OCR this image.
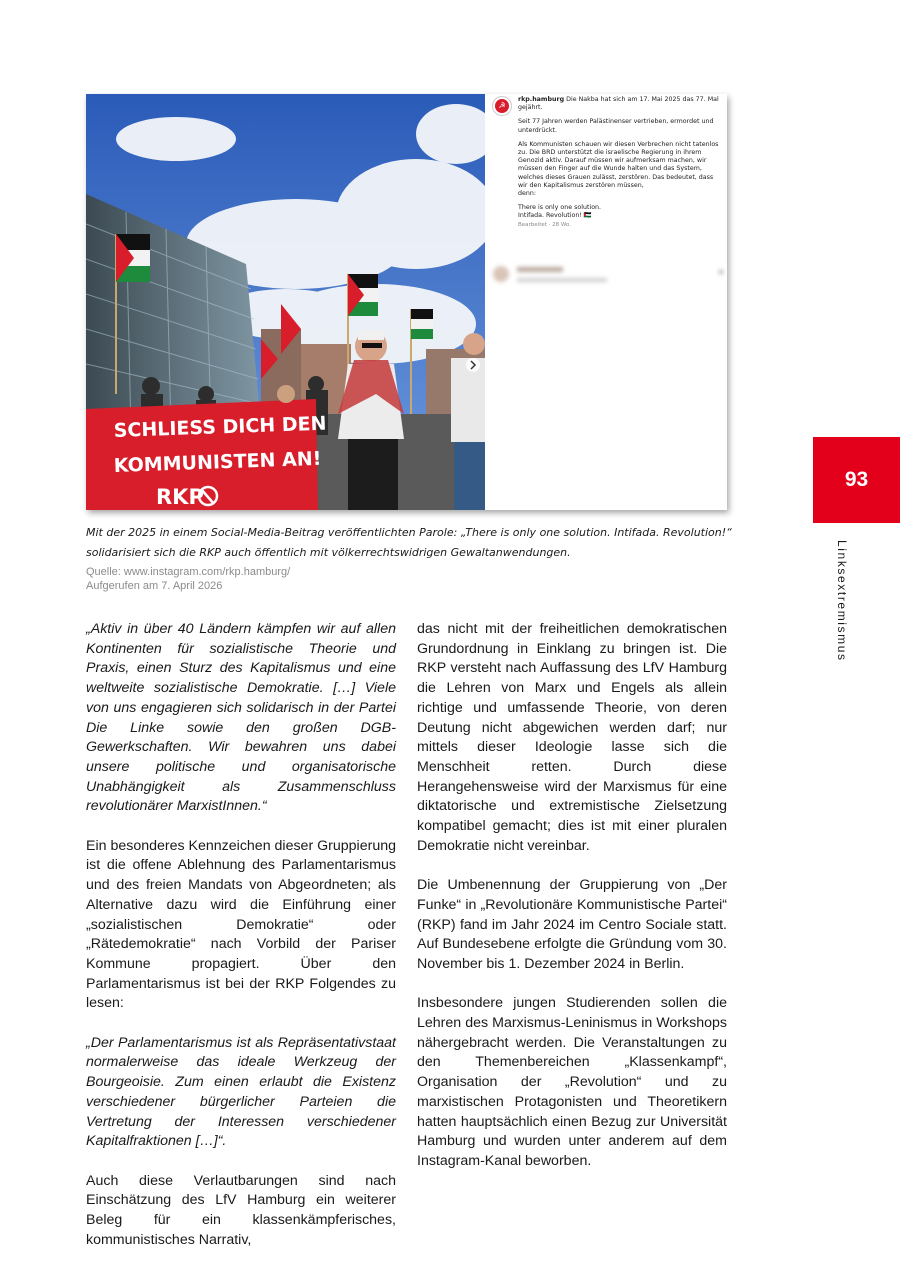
SCHLIESS DICH DEN
KOMMUNISTEN AN!
RKP
☭

rkp.hamburg Die Nakba hat sich am 17. Mai 2025 das 77. Mal gejährt.

Seit 77 Jahren werden Palästinenser vertrieben, ermordet und unterdrückt.

Als Kommunisten schauen wir diesen Verbrechen nicht tatenlos zu. Die BRD unterstützt die israelische Regierung in ihrem Genozid aktiv. Darauf müssen wir aufmerksam machen, wir müssen den Finger auf die Wunde halten und das System, welches dieses Grauen zulässt, zerstören. Das bedeutet, dass wir den Kapitalismus zerstören müssen,
denn:

There is only one solution.
Intifada. Revolution! 🇵🇸

Bearbeitet · 28 Wo.
Mit der 2025 in einem Social-Media-Beitrag veröffentlichten Parole: „There is only one solution. Intifada. Revolution!“ solidarisiert sich die RKP auch öffentlich mit völkerrechtswidrigen Gewaltanwendungen.
Quelle: www.instagram.com/rkp.hamburg/
Aufgerufen am 7. April 2026

„Aktiv in über 40 Ländern kämpfen wir auf allen Kontinenten für sozialistische Theorie und Praxis, einen Sturz des Kapitalismus und eine weltweite sozialistische Demokratie. […] Viele von uns engagieren sich solidarisch in der Partei Die Linke sowie den großen DGB-Gewerkschaften. Wir bewahren uns dabei unsere politische und organisatorische Unabhängigkeit als Zusammenschluss revolutionärer MarxistInnen.“

Ein besonderes Kennzeichen dieser Gruppierung ist die offene Ablehnung des Parlamentarismus und des freien Mandats von Abgeordneten; als Alternative dazu wird die Einführung einer „sozialistischen Demokratie“ oder „Rätedemokratie“ nach Vorbild der Pariser Kommune propagiert. Über den Parlamentarismus ist bei der RKP Folgendes zu lesen:

„Der Parlamentarismus ist als Repräsentativstaat normalerweise das ideale Werkzeug der Bourgeoisie. Zum einen erlaubt die Existenz verschiedener bürgerlicher Parteien die Vertretung der Interessen verschiedener Kapitalfraktionen […]“.

Auch diese Verlautbarungen sind nach Einschätzung des LfV Hamburg ein weiterer Beleg für ein klassenkämpferisches, kommunistisches Narrativ,

das nicht mit der freiheitlichen demokratischen Grundordnung in Einklang zu bringen ist. Die RKP versteht nach Auffassung des LfV Hamburg die Lehren von Marx und Engels als allein richtige und umfassende Theorie, von deren Deutung nicht abgewichen werden darf; nur mittels dieser Ideologie lasse sich die Menschheit retten. Durch diese Herangehensweise wird der Marxismus für eine diktatorische und extremistische Zielsetzung kompatibel gemacht; dies ist mit einer pluralen Demokratie nicht vereinbar.

Die Umbenennung der Gruppierung von „Der Funke“ in „Revolutionäre Kommunistische Partei“ (RKP) fand im Jahr 2024 im Centro Sociale statt. Auf Bundesebene erfolgte die Gründung vom 30. November bis 1. Dezember 2024 in Berlin.

Insbesondere jungen Studierenden sollen die Lehren des Marxismus-Leninismus in Workshops nähergebracht werden. Die Veranstaltungen zu den Themenbereichen „Klassenkampf“, Organisation der „Revolution“ und zu marxistischen Protagonisten und Theoretikern hatten hauptsächlich einen Bezug zur Universität Hamburg und wurden unter anderem auf dem Instagram-Kanal beworben.

93
Linksextremismus
